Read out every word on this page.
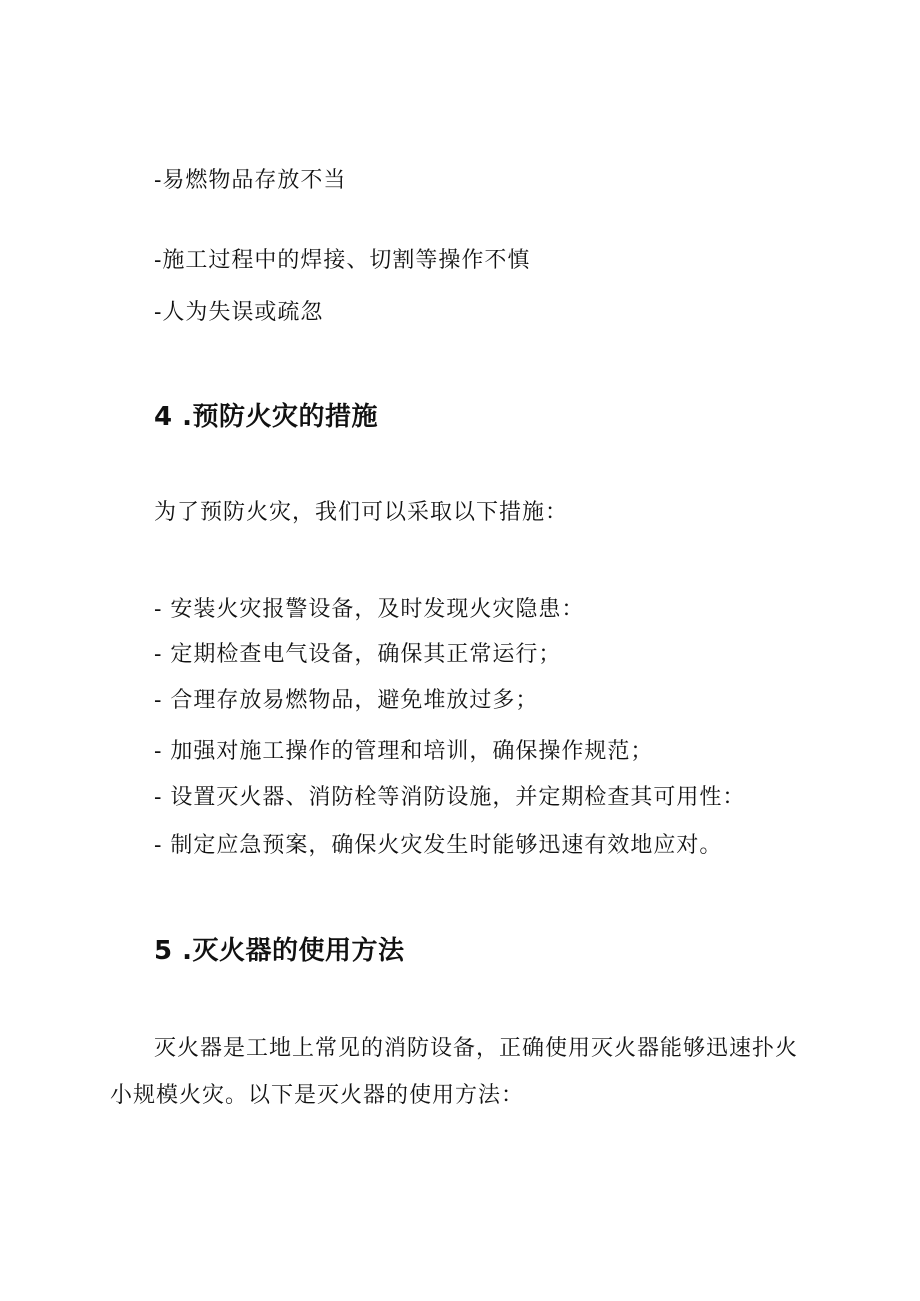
-易燃物品存放不当
-施工过程中的焊接、切割等操作不慎
-人为失误或疏忽
4 .预防火灾的措施
为了预防火灾，我们可以采取以下措施：
- 安装火灾报警设备，及时发现火灾隐患：
- 定期检查电气设备，确保其正常运行；
- 合理存放易燃物品，避免堆放过多；
- 加强对施工操作的管理和培训，确保操作规范；
- 设置灭火器、消防栓等消防设施，并定期检查其可用性：
- 制定应急预案，确保火灾发生时能够迅速有效地应对。
5 .灭火器的使用方法
灭火器是工地上常见的消防设备，正确使用灭火器能够迅速扑火
小规模火灾。以下是灭火器的使用方法：
